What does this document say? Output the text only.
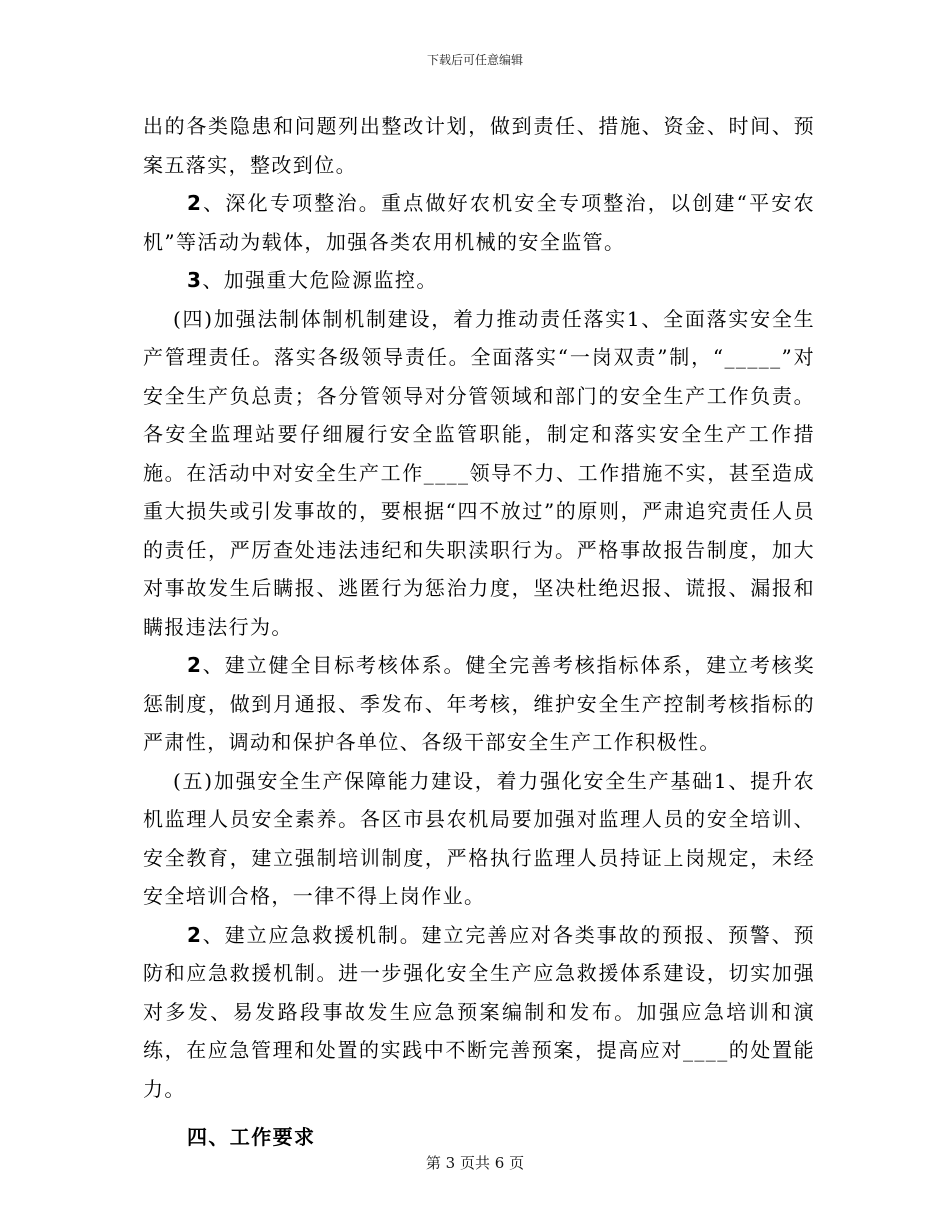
下载后可任意编辑

出的各类隐患和问题列出整改计划，做到责任、措施、资金、时间、预案五落实，整改到位。

2、深化专项整治。重点做好农机安全专项整治，以创建“平安农机”等活动为载体，加强各类农用机械的安全监管。

3、加强重大危险源监控。

(四)加强法制体制机制建设，着力推动责任落实1、全面落实安全生产管理责任。落实各级领导责任。全面落实“一岗双责”制，“_____”对安全生产负总责；各分管领导对分管领域和部门的安全生产工作负责。各安全监理站要仔细履行安全监管职能，制定和落实安全生产工作措施。在活动中对安全生产工作____领导不力、工作措施不实，甚至造成重大损失或引发事故的，要根据“四不放过”的原则，严肃追究责任人员的责任，严厉查处违法违纪和失职渎职行为。严格事故报告制度，加大对事故发生后瞒报、逃匿行为惩治力度，坚决杜绝迟报、谎报、漏报和瞒报违法行为。

2、建立健全目标考核体系。健全完善考核指标体系，建立考核奖惩制度，做到月通报、季发布、年考核，维护安全生产控制考核指标的严肃性，调动和保护各单位、各级干部安全生产工作积极性。

(五)加强安全生产保障能力建设，着力强化安全生产基础1、提升农机监理人员安全素养。各区市县农机局要加强对监理人员的安全培训、安全教育，建立强制培训制度，严格执行监理人员持证上岗规定，未经安全培训合格，一律不得上岗作业。

2、建立应急救援机制。建立完善应对各类事故的预报、预警、预防和应急救援机制。进一步强化安全生产应急救援体系建设，切实加强对多发、易发路段事故发生应急预案编制和发布。加强应急培训和演练，在应急管理和处置的实践中不断完善预案，提高应对____的处置能力。

四、工作要求

第 3 页共 6 页
